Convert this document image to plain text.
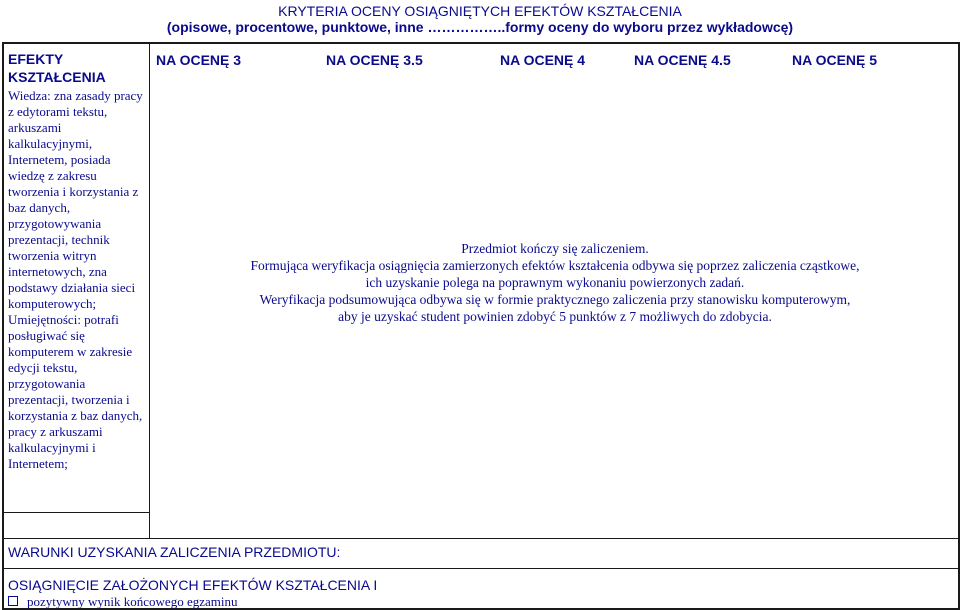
KRYTERIA OCENY OSIĄGNIĘTYCH EFEKTÓW KSZTAŁCENIA
(opisowe, procentowe, punktowe, inne ……………..formy oceny do wyboru przez wykładowcę)
EFEKTY
KSZTAŁCENIA
Wiedza: zna zasady pracy z edytorami tekstu, arkuszami kalkulacyjnymi, Internetem, posiada wiedzę z zakresu tworzenia i korzystania z baz danych, przygotowywania prezentacji, technik tworzenia witryn internetowych, zna podstawy działania sieci komputerowych; Umiejętności: potrafi posługiwać się komputerem w zakresie edycji tekstu, przygotowania prezentacji, tworzenia i korzystania z baz danych, pracy z arkuszami kalkulacyjnymi i Internetem;
NA OCENĘ 3	NA OCENĘ 3.5	NA OCENĘ 4	NA OCENĘ 4.5	NA OCENĘ 5
Przedmiot kończy się zaliczeniem.
Formująca weryfikacja osiągnięcia zamierzonych efektów kształcenia odbywa się poprzez zaliczenia cząstkowe,
ich uzyskanie polega na poprawnym wykonaniu powierzonych zadań.
Weryfikacja podsumowująca odbywa się w formie praktycznego zaliczenia przy stanowisku komputerowym,
aby je uzyskać student powinien zdobyć 5 punktów z 7 możliwych do zdobycia.
WARUNKI UZYSKANIA ZALICZENIA PRZEDMIOTU:
OSIĄGNIĘCIE ZAŁOŻONYCH EFEKTÓW KSZTAŁCENIA I
pozytywny wynik końcowego egzaminu
